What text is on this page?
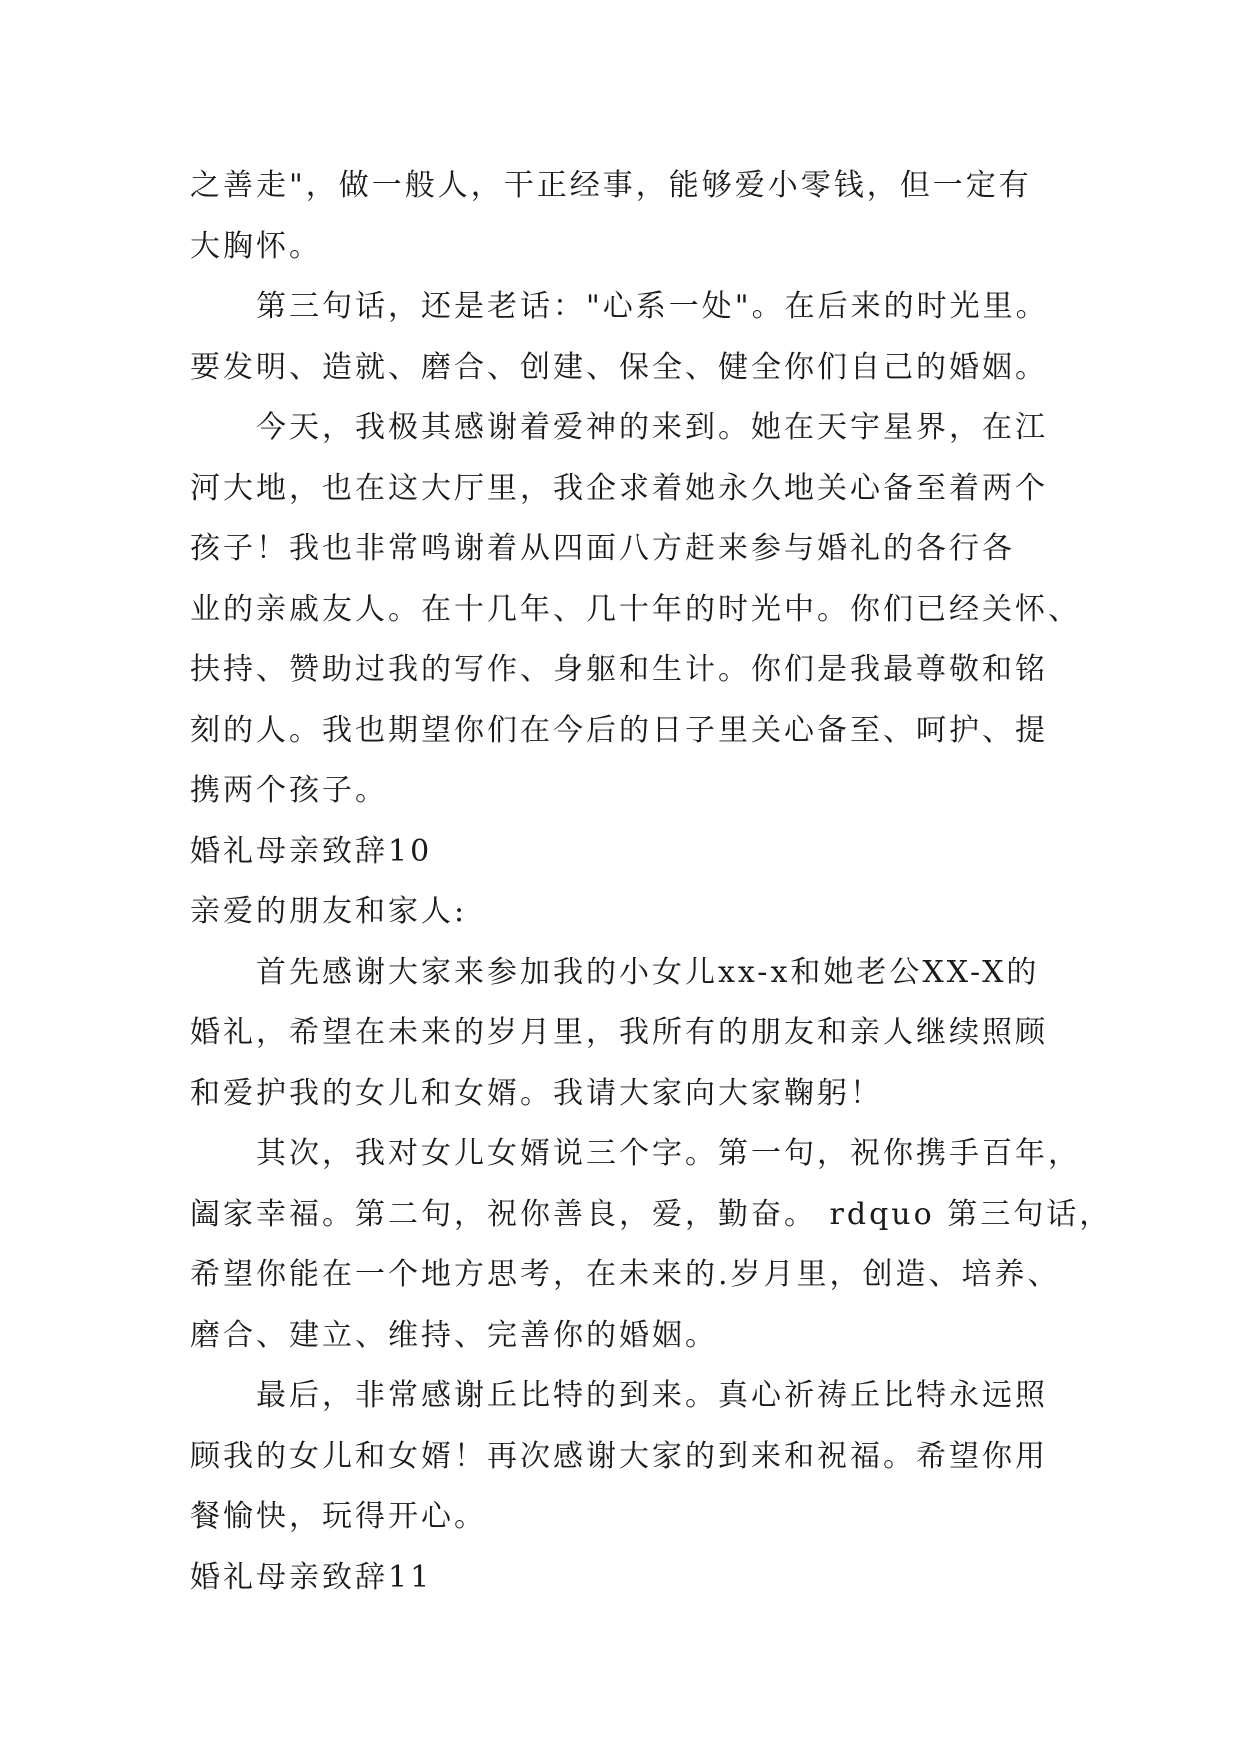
之善走"，做一般人，干正经事，能够爱小零钱，但一定有

大胸怀。

第三句话，还是老话："心系一处"。在后来的时光里。

要发明、造就、磨合、创建、保全、健全你们自己的婚姻。

今天，我极其感谢着爱神的来到。她在天宇星界，在江

河大地，也在这大厅里，我企求着她永久地关心备至着两个

孩子！我也非常鸣谢着从四面八方赶来参与婚礼的各行各

业的亲戚友人。在十几年、几十年的时光中。你们已经关怀、

扶持、赞助过我的写作、身躯和生计。你们是我最尊敬和铭

刻的人。我也期望你们在今后的日子里关心备至、呵护、提

携两个孩子。

婚礼母亲致辞10

亲爱的朋友和家人:

首先感谢大家来参加我的小女儿xx-x和她老公XX-X的

婚礼，希望在未来的岁月里，我所有的朋友和亲人继续照顾

和爱护我的女儿和女婿。我请大家向大家鞠躬！

其次，我对女儿女婿说三个字。第一句，祝你携手百年，

阖家幸福。第二句，祝你善良，爱，勤奋。 rdquo 第三句话，

希望你能在一个地方思考，在未来的.岁月里，创造、培养、

磨合、建立、维持、完善你的婚姻。

最后，非常感谢丘比特的到来。真心祈祷丘比特永远照

顾我的女儿和女婿！再次感谢大家的到来和祝福。希望你用

餐愉快，玩得开心。

婚礼母亲致辞11
